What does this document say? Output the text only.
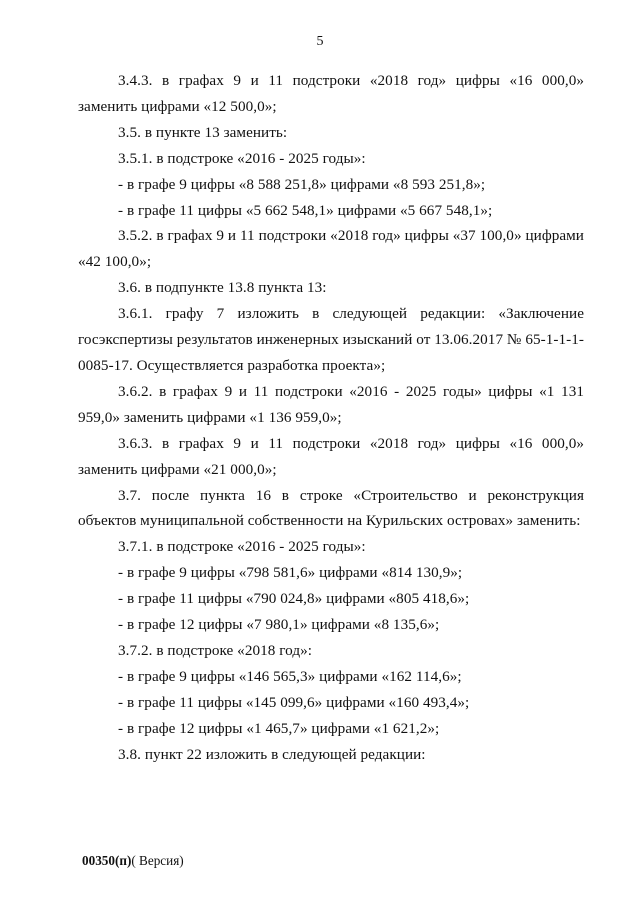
5

3.4.3. в графах 9 и 11 подстроки «2018 год» цифры «16 000,0» заменить цифрами «12 500,0»;

3.5. в пункте 13 заменить:

3.5.1. в подстроке «2016 - 2025 годы»:

- в графе 9 цифры «8 588 251,8» цифрами «8 593 251,8»;

- в графе 11 цифры «5 662 548,1» цифрами «5 667 548,1»;

3.5.2. в графах 9 и 11 подстроки «2018 год» цифры «37 100,0» цифрами «42 100,0»;

3.6. в подпункте 13.8 пункта 13:

3.6.1. графу 7 изложить в следующей редакции: «Заключение госэкспертизы результатов инженерных изысканий от 13.06.2017 № 65-1-1-1-0085-17. Осуществляется разработка проекта»;

3.6.2. в графах 9 и 11 подстроки «2016 - 2025 годы» цифры «1 131 959,0» заменить цифрами «1 136 959,0»;

3.6.3. в графах 9 и 11 подстроки «2018 год» цифры «16 000,0» заменить цифрами «21 000,0»;

3.7. после пункта 16 в строке «Строительство и реконструкция объектов муниципальной собственности на Курильских островах» заменить:

3.7.1. в подстроке «2016 - 2025 годы»:

- в графе 9 цифры «798 581,6» цифрами «814 130,9»;

- в графе 11 цифры «790 024,8» цифрами «805 418,6»;

- в графе 12 цифры «7 980,1» цифрами «8 135,6»;

3.7.2. в подстроке «2018 год»:

- в графе 9 цифры «146 565,3» цифрами «162 114,6»;

- в графе 11 цифры «145 099,6» цифрами «160 493,4»;

- в графе 12 цифры «1 465,7» цифрами «1 621,2»;

3.8. пункт 22 изложить в следующей редакции:

00350(п)( Версия)
